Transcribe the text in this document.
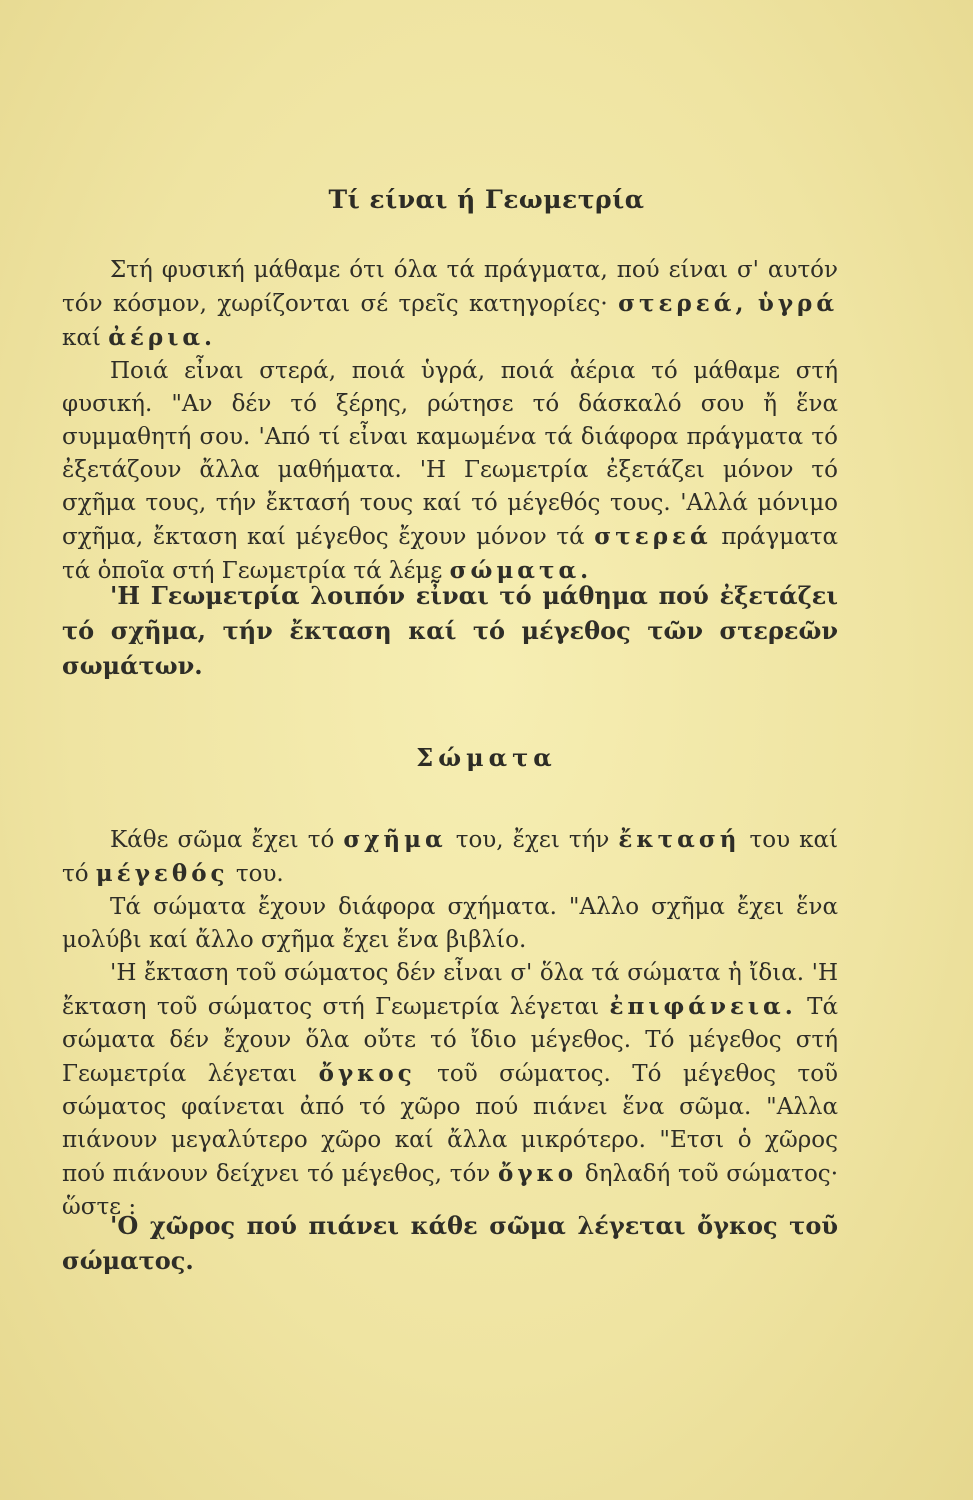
Τί είναι ή Γεωμετρία

Στή φυσική μάθαμε ότι όλα τά πράγματα, πού είναι σ' αυτόν τόν κόσμον, χωρίζονται σέ τρεῖς κατηγορίες· στερεά, ὑγρά καί ἀέρια.

Ποιά εἶναι στερά, ποιά ὑγρά, ποιά ἀέρια τό μάθαμε στή φυσική. "Αν δέν τό ξέρης, ρώτησε τό δάσκαλό σου ἤ ἕνα συμμαθητή σου. 'Από τί εἶναι καμωμένα τά διάφορα πράγματα τό ἐξετάζουν ἄλλα μαθήματα. 'Η Γεωμετρία ἐξετάζει μόνον τό σχῆμα τους, τήν ἔκτασή τους καί τό μέγεθός τους. 'Αλλά μόνιμο σχῆμα, ἔκταση καί μέγεθος ἔχουν μόνον τά στερεά πράγματα τά ὁποῖα στή Γεωμετρία τά λέμε σώματα.

'Η Γεωμετρία λοιπόν εἶναι τό μάθημα πού ἐξετάζει τό σχῆμα, τήν ἔκταση καί τό μέγεθος τῶν στερεῶν σωμάτων.

Σώματα

Κάθε σῶμα ἔχει τό σχῆμα του, ἔχει τήν ἔκτασή του καί τό μέγεθός του.

Τά σώματα ἔχουν διάφορα σχήματα. "Αλλο σχῆμα ἔχει ἕνα μολύβι καί ἄλλο σχῆμα ἔχει ἕνα βιβλίο.

'Η ἔκταση τοῦ σώματος δέν εἶναι σ' ὅλα τά σώματα ἡ ἴδια. 'Η ἔκταση τοῦ σώματος στή Γεωμετρία λέγεται ἐπιφάνεια. Τά σώματα δέν ἔχουν ὅλα οὔτε τό ἴδιο μέγεθος. Τό μέγεθος στή Γεωμετρία λέγεται ὄγκος τοῦ σώματος. Τό μέγεθος τοῦ σώματος φαίνεται ἀπό τό χῶρο πού πιάνει ἕνα σῶμα. "Αλλα πιάνουν μεγαλύτερο χῶρο καί ἄλλα μικρότερο. "Ετσι ὁ χῶρος πού πιάνουν δείχνει τό μέγεθος, τόν ὄγκο δηλαδή τοῦ σώματος· ὥστε :

'Ο χῶρος πού πιάνει κάθε σῶμα λέγεται ὄγκος τοῦ σώματος.
